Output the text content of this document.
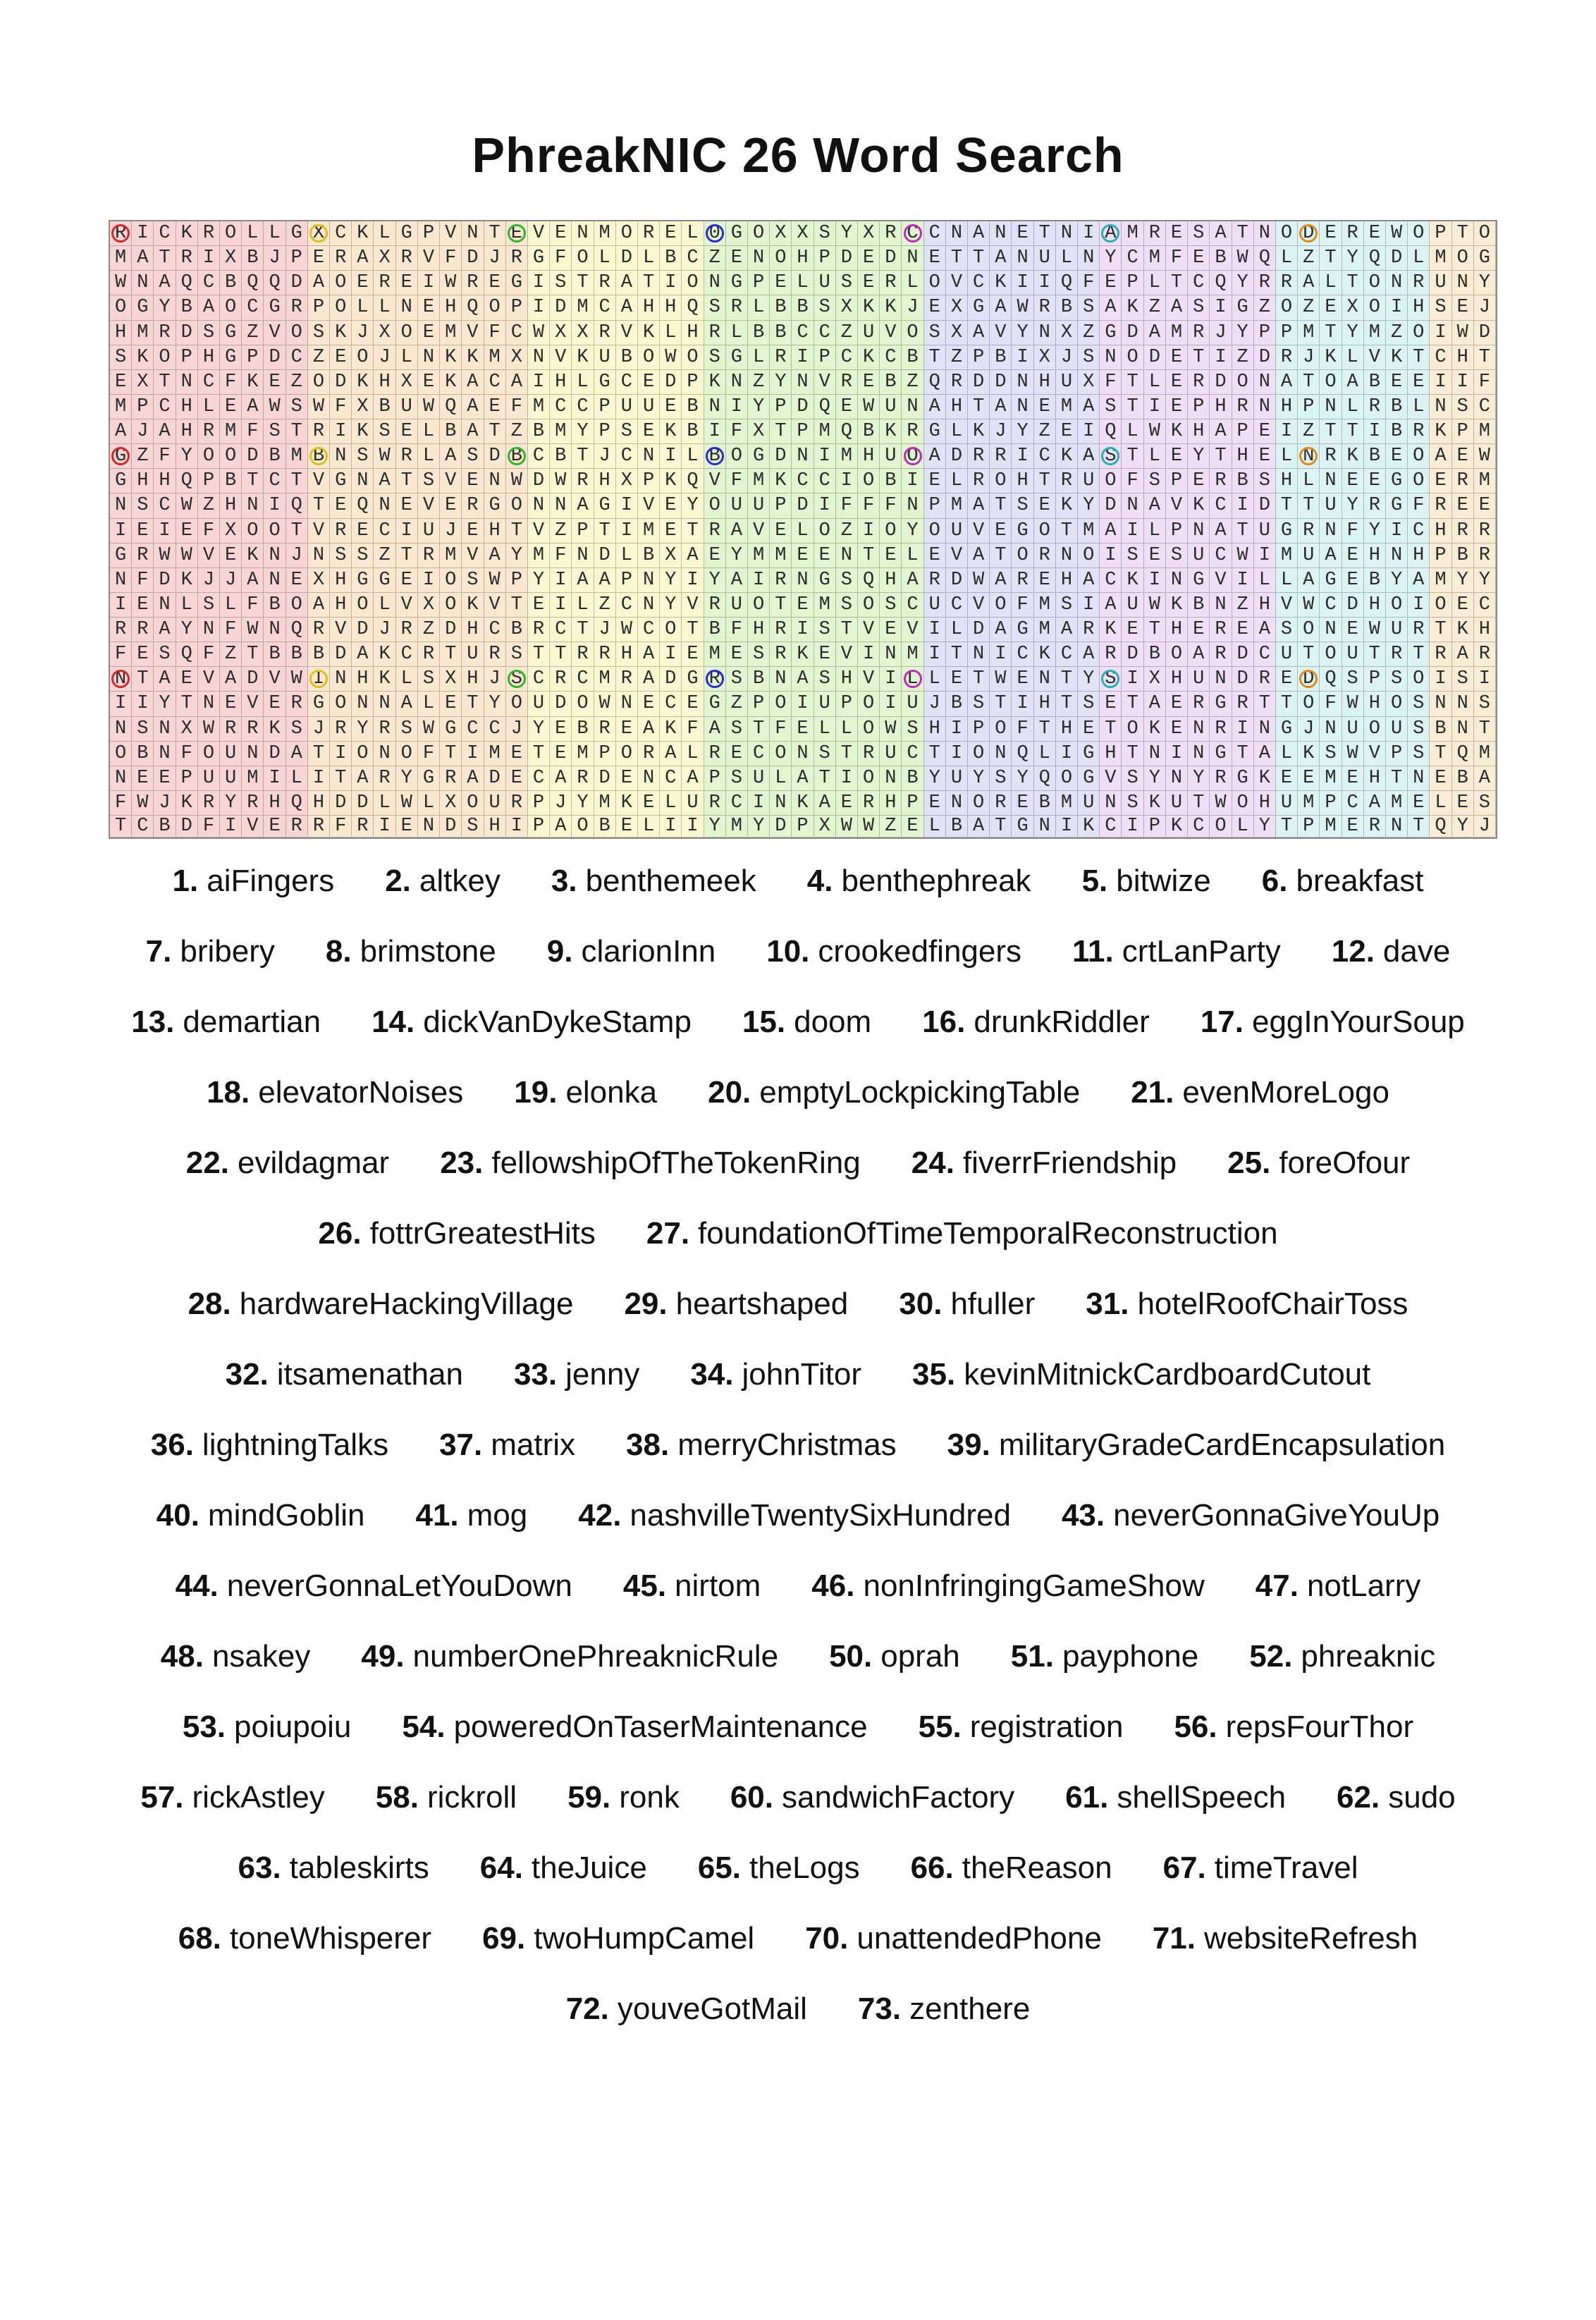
PhreakNIC 26 Word Search
R I C K R O L L G X C K L G P V N T E V E N M O R E L 0 G O X X S Y X R C C N A N E T N I A M R E S A T N O D E R E W O P T O
M A T R I X B J P E R A X R V F D J R G F O L D L B C Z E N O H P D E D N E T T A N U L N Y C M F E B W Q L Z T Y Q D L M O G
W N A Q C B Q Q D A O E R E I W R E G I S T R A T I O N G P E L U S E R L O V C K I I Q F E P L T C Q Y R R A L T O N R U N Y
O G Y B A O C G R P O L L N E H Q O P I D M C A H H Q S R L B B S X K K J E X G A W R B S A K Z A S I G Z O Z E X O I H S E J
H M R D S G Z V O S K J X O E M V F C W X X R V K L H R L B B C C Z U V O S X A V Y N X Z G D A M R J Y P P M T Y M Z O I W D
S K O P H G P D C Z E O J L N K K M X N V K U B O W O S G L R I P C K C B T Z P B I X J S N O D E T I Z D R J K L V K T C H T
E X T N C F K E Z O D K H X E K A C A I H L G C E D P K N Z Y N V R E B Z Q R D D N H U X F T L E R D O N A T O A B E E I I F
M P C H L E A W S W F X B U W Q A E F M C C P U U E B N I Y P D Q E W U N A H T A N E M A S T I E P H R N H P N L R B L N S C
A J A H R M F S T R I K S E L B A T Z B M Y P S E K B I F X T P M Q B K R G L K J Y Z E I Q L W K H A P E I Z T T I B R K P M
G Z F Y O O D B M B N S W R L A S D B C B T J C N I L B O G D N I M H U O A D R R I C K A S T L E Y T H E L N R K B E O A E W
G H H Q P B T C T V G N A T S V E N W D W R H X P K Q V F M K C C I O B I E L R O H T R U O F S P E R B S H L N E E G O E R M
N S C W Z H N I Q T E Q N E V E R G O N N A G I V E Y O U U P D I F F F N P M A T S E K Y D N A V K C I D T T U Y R G F R E E
I E I E F X O O T V R E C I U J E H T V Z P T I M E T R A V E L O Z I O Y O U V E G O T M A I L P N A T U G R N F Y I C H R R
G R W W V E K N J N S S Z T R M V A Y M F N D L B X A E Y M M E E N T E L E V A T O R N O I S E S U C W I M U A E H N H P B R
N F D K J J A N E X H G G E I O S W P Y I A A P N Y I Y A I R N G S Q H A R D W A R E H A C K I N G V I L L A G E B Y A M Y Y
I E N L S L F B O A H O L V X O K V T E I L Z C N Y V R U O T E M S O S C U C V O F M S I A U W K B N Z H V W C D H O I O E C
R R A Y N F W N Q R V D J R Z D H C B R C T J W C O T B F H R I S T V E V I L D A G M A R K E T H E R E A S O N E W U R T K H
F E S Q F Z T B B B D A K C R T U R S T T R R H A I E M E S R K E V I N M I T N I C K C A R D B O A R D C U T O U T R T R A R
N T A E V A D V W I N H K L S X H J S C R C M R A D G R S B N A S H V I L L E T W E N T Y S I X H U N D R E D Q S P S O I S I
I I Y T N E V E R G O N N A L E T Y O U D O W N E C E G Z P O I U P O I U J B S T I H T S E T A E R G R T T O F W H O S N N S
N S N X W R R K S J R Y R S W G C C J Y E B R E A K F A S T F E L L O W S H I P O F T H E T O K E N R I N G J N U O U S B N T
O B N F O U N D A T I O N O F T I M E T E M P O R A L R E C O N S T R U C T I O N Q L I G H T N I N G T A L K S W V P S T Q M
N E E P U U M I L I T A R Y G R A D E C A R D E N C A P S U L A T I O N B Y U Y S Y Q O G V S Y N Y R G K E E M E H T N E B A
F W J K R Y R H Q H D D L W L X O U R P J Y M K E L U R C I N K A E R H P E N O R E B M U N S K U T W O H U M P C A M E L E S
T C B D F I V E R R F R I E N D S H I P A O B E L I I Y M Y D P X W W Z E L B A T G N I K C I P K C O L Y T P M E R N T Q Y J
1. aiFingers 2. altkey 3. benthemeek 4. benthephreak 5. bitwize 6. breakfast
7. bribery 8. brimstone 9. clarionInn 10. crookedfingers 11. crtLanParty 12. dave
13. demartian 14. dickVanDykeStamp 15. doom 16. drunkRiddler 17. eggInYourSoup
18. elevatorNoises 19. elonka 20. emptyLockpickingTable 21. evenMoreLogo
22. evildagmar 23. fellowshipOfTheTokenRing 24. fiverrFriendship 25. foreOfour
26. fottrGreatestHits 27. foundationOfTimeTemporalReconstruction
28. hardwareHackingVillage 29. heartshaped 30. hfuller 31. hotelRoofChairToss
32. itsamenathan 33. jenny 34. johnTitor 35. kevinMitnickCardboardCutout
36. lightningTalks 37. matrix 38. merryChristmas 39. militaryGradeCardEncapsulation
40. mindGoblin 41. mog 42. nashvilleTwentySixHundred 43. neverGonnaGiveYouUp
44. neverGonnaLetYouDown 45. nirtom 46. nonInfringingGameShow 47. notLarry
48. nsakey 49. numberOnePhreaknicRule 50. oprah 51. payphone 52. phreaknic
53. poiupoiu 54. poweredOnTaserMaintenance 55. registration 56. repsFourThor
57. rickAstley 58. rickroll 59. ronk 60. sandwichFactory 61. shellSpeech 62. sudo
63. tableskirts 64. theJuice 65. theLogs 66. theReason 67. timeTravel
68. toneWhisperer 69. twoHumpCamel 70. unattendedPhone 71. websiteRefresh
72. youveGotMail 73. zenthere
